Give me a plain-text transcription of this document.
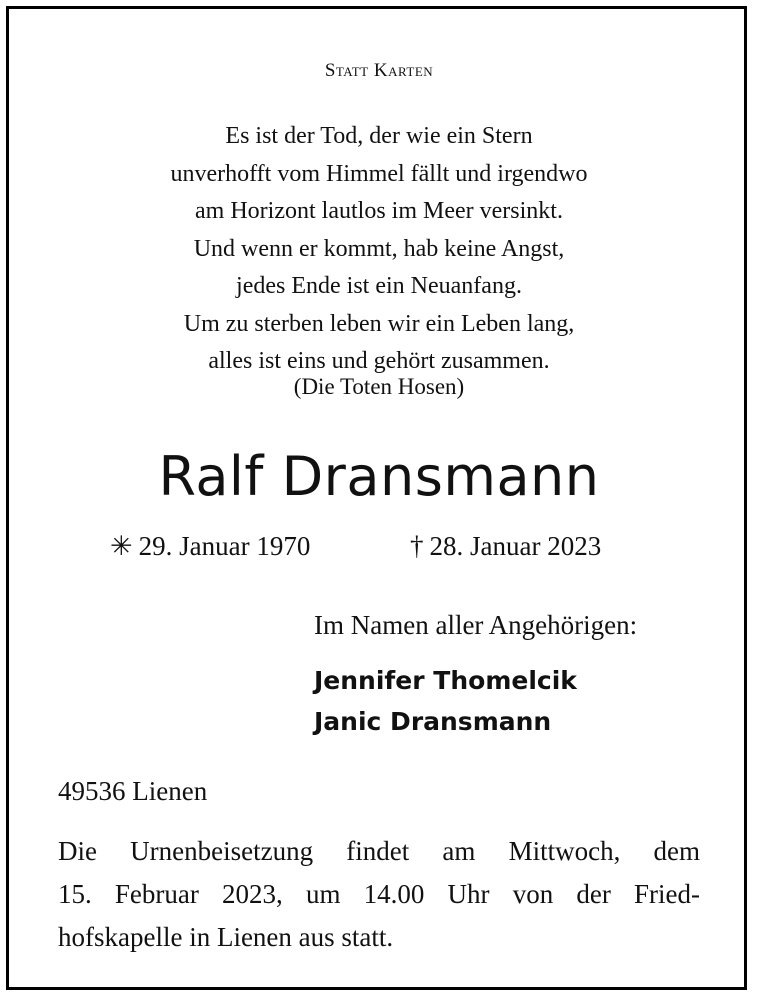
Statt Karten
Es ist der Tod, der wie ein Stern
unverhofft vom Himmel fällt und irgendwo
am Horizont lautlos im Meer versinkt.
Und wenn er kommt, hab keine Angst,
jedes Ende ist ein Neuanfang.
Um zu sterben leben wir ein Leben lang,
alles ist eins und gehört zusammen.
(Die Toten Hosen)
Ralf Dransmann
✳ 29. Januar 1970	† 28. Januar 2023
Im Namen aller Angehörigen:
Jennifer Thomelcik
Janic Dransmann
49536 Lienen
Die Urnenbeisetzung findet am Mittwoch, dem
15. Februar 2023, um 14.00 Uhr von der Fried-
hofskapelle in Lienen aus statt.
